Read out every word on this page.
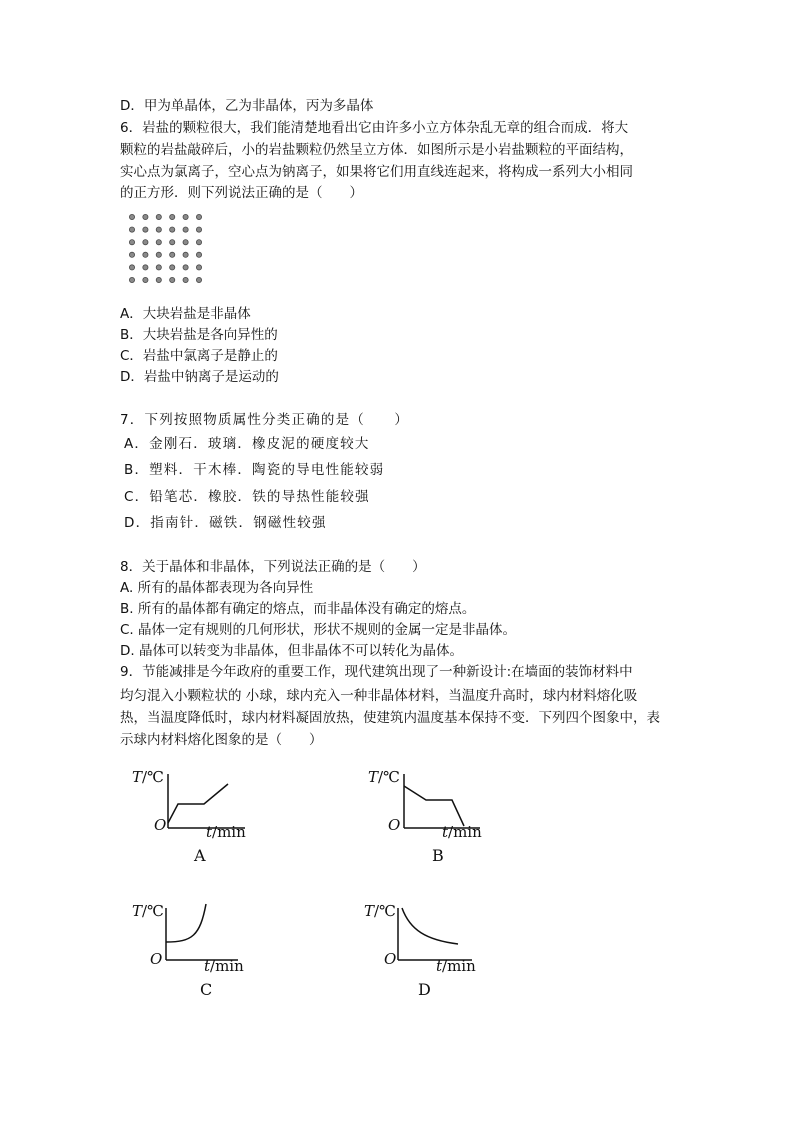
D．甲为单晶体，乙为非晶体，丙为多晶体
6．岩盐的颗粒很大，我们能清楚地看出它由许多小立方体杂乱无章的组合而成．将大
颗粒的岩盐敲碎后，小的岩盐颗粒仍然呈立方体．如图所示是小岩盐颗粒的平面结构，
实心点为氯离子，空心点为钠离子，如果将它们用直线连起来，将构成一系列大小相同
的正方形．则下列说法正确的是（　　）
A．大块岩盐是非晶体
B．大块岩盐是各向异性的
C．岩盐中氯离子是静止的
D．岩盐中钠离子是运动的
7．下列按照物质属性分类正确的是（　　）
A．金刚石．玻璃．橡皮泥的硬度较大
B．塑料．干木棒．陶瓷的导电性能较弱
C．铅笔芯．橡胶．铁的导热性能较强
D．指南针．磁铁．钢磁性较强
8．关于晶体和非晶体，下列说法正确的是（　　）
A. 所有的晶体都表现为各向异性
B. 所有的晶体都有确定的熔点，而非晶体没有确定的熔点。
C. 晶体一定有规则的几何形状，形状不规则的金属一定是非晶体。
D. 晶体可以转变为非晶体，但非晶体不可以转化为晶体。
9．节能减排是今年政府的重要工作，现代建筑出现了一种新设计:在墙面的装饰材料中
均匀混入小颗粒状的 小球，球内充入一种非晶体材料，当温度升高时，球内材料熔化吸
热，当温度降低时，球内材料凝固放热，使建筑内温度基本保持不变．下列四个图象中，表
示球内材料熔化图象的是（　　）
T/℃
O	t/min
A
T/℃
O	t/min
B
T/℃
O	t/min
C
T/℃
O	t/min
D
